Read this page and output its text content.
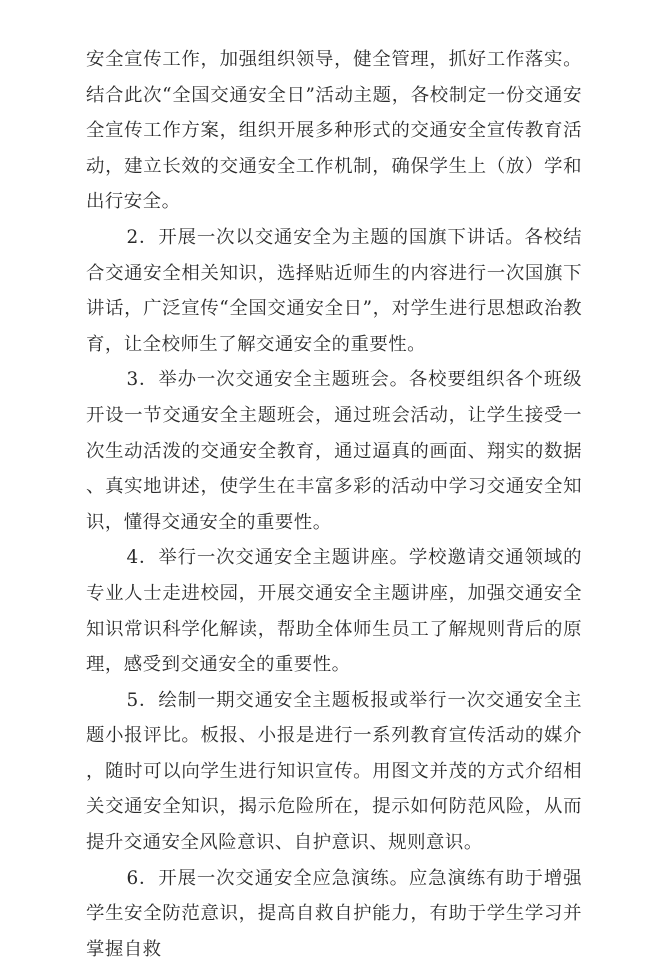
安全宣传工作，加强组织领导，健全管理，抓好工作落实。结合此次“全国交通安全日”活动主题，各校制定一份交通安全宣传工作方案，组织开展多种形式的交通安全宣传教育活动，建立长效的交通安全工作机制，确保学生上（放）学和出行安全。

2．开展一次以交通安全为主题的国旗下讲话。各校结合交通安全相关知识，选择贴近师生的内容进行一次国旗下讲话，广泛宣传“全国交通安全日”，对学生进行思想政治教育，让全校师生了解交通安全的重要性。

3．举办一次交通安全主题班会。各校要组织各个班级开设一节交通安全主题班会，通过班会活动，让学生接受一次生动活泼的交通安全教育，通过逼真的画面、翔实的数据、真实地讲述，使学生在丰富多彩的活动中学习交通安全知识，懂得交通安全的重要性。

4．举行一次交通安全主题讲座。学校邀请交通领域的专业人士走进校园，开展交通安全主题讲座，加强交通安全知识常识科学化解读，帮助全体师生员工了解规则背后的原理，感受到交通安全的重要性。

5．绘制一期交通安全主题板报或举行一次交通安全主题小报评比。板报、小报是进行一系列教育宣传活动的媒介，随时可以向学生进行知识宣传。用图文并茂的方式介绍相关交通安全知识，揭示危险所在，提示如何防范风险，从而提升交通安全风险意识、自护意识、规则意识。

6．开展一次交通安全应急演练。应急演练有助于增强学生安全防范意识，提高自救自护能力，有助于学生学习并掌握自救
